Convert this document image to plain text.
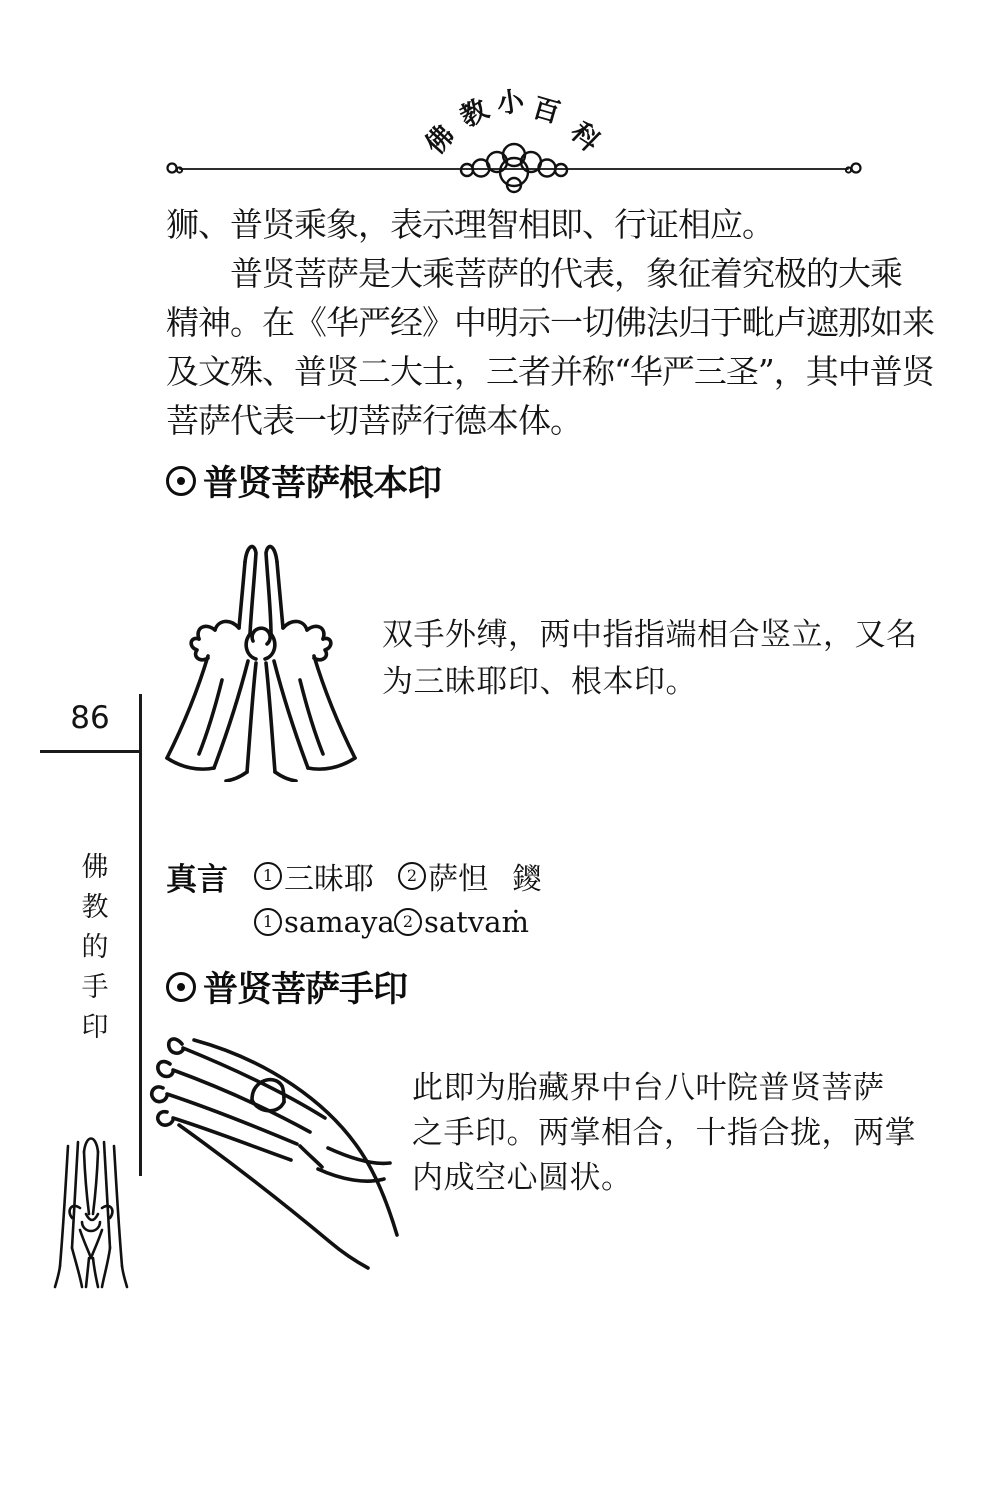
佛
教 小 百
科
狮、普贤乘象，表示理智相即、行证相应。
　　普贤菩萨是大乘菩萨的代表，象征着究极的大乘
精神。在《华严经》中明示一切佛法归于毗卢遮那如来
及文殊、普贤二大士，三者并称“华严三圣”，其中普贤
菩萨代表一切菩萨行德本体。
普贤菩萨根本印
双手外缚，两中指指端相合竖立，又名
为三昧耶印、根本印。
86
佛
教
的
手
印
真言	1 三昧耶	2 萨怛 鑁
1 samaya 2 satvaṁ
普贤菩萨手印
此即为胎藏界中台八叶院普贤菩萨
之手印。两掌相合，十指合拢，两掌
内成空心圆状。
